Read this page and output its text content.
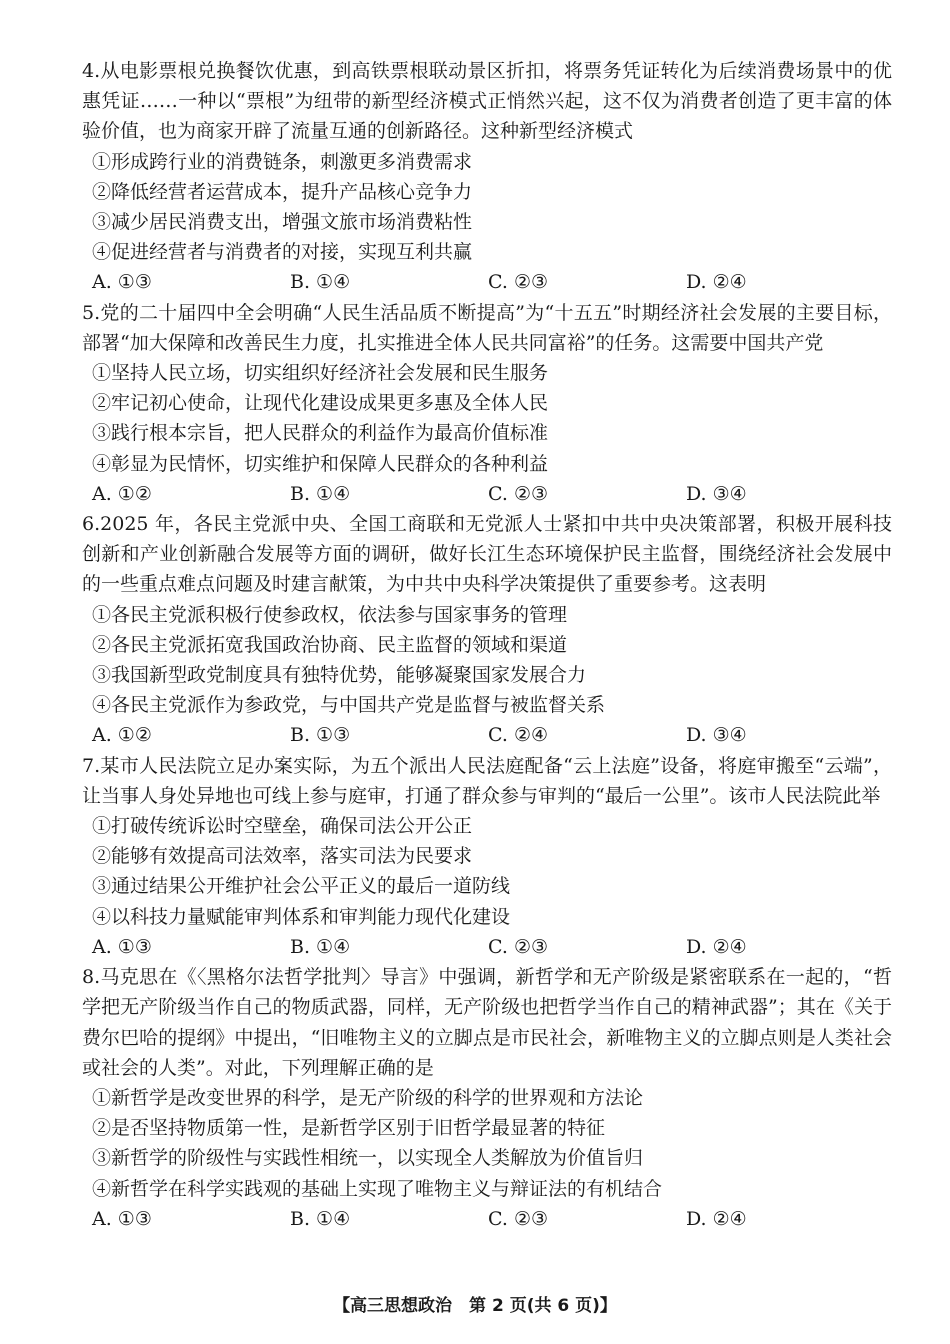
4.从电影票根兑换餐饮优惠，到高铁票根联动景区折扣，将票务凭证转化为后续消费场景中的优惠凭证……一种以“票根”为纽带的新型经济模式正悄然兴起，这不仅为消费者创造了更丰富的体验价值，也为商家开辟了流量互通的创新路径。这种新型经济模式

①形成跨行业的消费链条，刺激更多消费需求
②降低经营者运营成本，提升产品核心竞争力
③减少居民消费支出，增强文旅市场消费粘性
④促进经营者与消费者的对接，实现互利共赢
A. ①③	B. ①④	C. ②③	D. ②④

5.党的二十届四中全会明确“人民生活品质不断提高”为“十五五”时期经济社会发展的主要目标，部署“加大保障和改善民生力度，扎实推进全体人民共同富裕”的任务。这需要中国共产党

①坚持人民立场，切实组织好经济社会发展和民生服务
②牢记初心使命，让现代化建设成果更多惠及全体人民
③践行根本宗旨，把人民群众的利益作为最高价值标准
④彰显为民情怀，切实维护和保障人民群众的各种利益
A. ①②	B. ①④	C. ②③	D. ③④

6.2025 年，各民主党派中央、全国工商联和无党派人士紧扣中共中央决策部署，积极开展科技创新和产业创新融合发展等方面的调研，做好长江生态环境保护民主监督，围绕经济社会发展中的一些重点难点问题及时建言献策，为中共中央科学决策提供了重要参考。这表明

①各民主党派积极行使参政权，依法参与国家事务的管理
②各民主党派拓宽我国政治协商、民主监督的领域和渠道
③我国新型政党制度具有独特优势，能够凝聚国家发展合力
④各民主党派作为参政党，与中国共产党是监督与被监督关系
A. ①②	B. ①③	C. ②④	D. ③④

7.某市人民法院立足办案实际，为五个派出人民法庭配备“云上法庭”设备，将庭审搬至“云端”，让当事人身处异地也可线上参与庭审，打通了群众参与审判的“最后一公里”。该市人民法院此举

①打破传统诉讼时空壁垒，确保司法公开公正
②能够有效提高司法效率，落实司法为民要求
③通过结果公开维护社会公平正义的最后一道防线
④以科技力量赋能审判体系和审判能力现代化建设
A. ①③	B. ①④	C. ②③	D. ②④

8.马克思在《〈黑格尔法哲学批判〉导言》中强调，新哲学和无产阶级是紧密联系在一起的，“哲学把无产阶级当作自己的物质武器，同样，无产阶级也把哲学当作自己的精神武器”；其在《关于费尔巴哈的提纲》中提出，“旧唯物主义的立脚点是市民社会，新唯物主义的立脚点则是人类社会或社会的人类”。对此，下列理解正确的是

①新哲学是改变世界的科学，是无产阶级的科学的世界观和方法论
②是否坚持物质第一性，是新哲学区别于旧哲学最显著的特征
③新哲学的阶级性与实践性相统一，以实现全人类解放为价值旨归
④新哲学在科学实践观的基础上实现了唯物主义与辩证法的有机结合
A. ①③	B. ①④	C. ②③	D. ②④
【高三思想政治　第 2 页(共 6 页)】
